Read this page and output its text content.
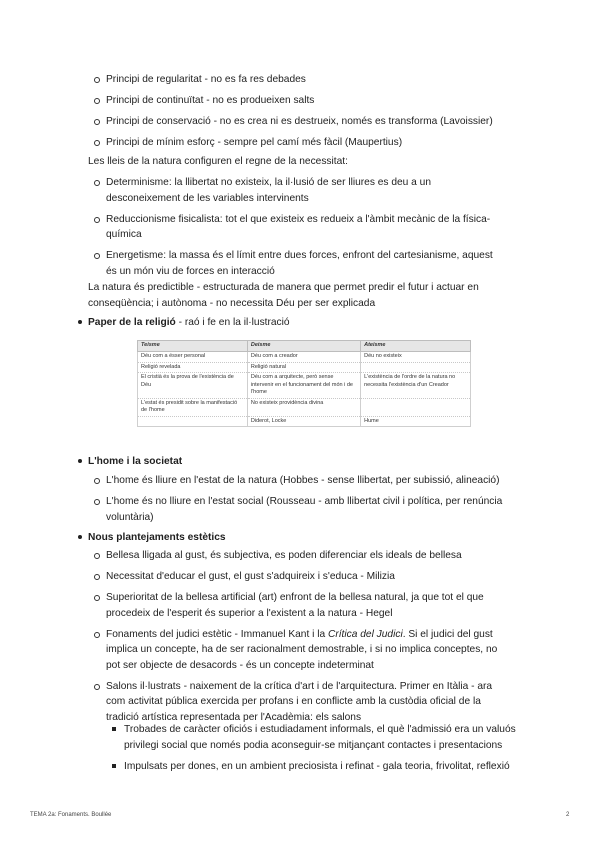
Principi de regularitat - no es fa res debades
Principi de continuïtat - no es produeixen salts
Principi de conservació - no es crea ni es destrueix, només es transforma (Lavoissier)
Principi de mínim esforç - sempre pel camí més fàcil (Maupertius)
Les lleis de la natura configuren el regne de la necessitat:
Determinisme: la llibertat no existeix, la il·lusió de ser lliures es deu a un desconeixement de les variables intervinents
Reduccionisme fisicalista: tot el que existeix es redueix a l'àmbit mecànic de la física-química
Energetisme: la massa és el límit entre dues forces, enfront del cartesianisme, aquest és un món viu de forces en interacció
La natura és predictible - estructurada de manera que permet predir el futur i actuar en conseqüència; i autònoma - no necessita Déu per ser explicada
Paper de la religió - raó i fe en la il·lustració
Teisme	Deisme	Ateisme
Déu com a ésser personal	Déu com a creador	Déu no existeix
Religió revelada	Religió natural	
El cristià és la prova de l'existència de Déu	Déu com a arquitecte, però sense intervenir en el funcionament del món i de l'home	L'existència de l'ordre de la natura no necessita l'existència d'un Creador
L'estat és presidit sobre la manifestació de l'home	No existeix providència divina	
	Diderot, Locke	Hume
L'home i la societat
L'home és lliure en l'estat de la natura (Hobbes - sense llibertat, per subissió, alineació)
L'home és no lliure en l'estat social (Rousseau - amb llibertat civil i política, per renúncia voluntària)
Nous plantejaments estètics
Bellesa lligada al gust, és subjectiva, es poden diferenciar els ideals de bellesa
Necessitat d'educar el gust, el gust s'adquireix i s'educa - Milizia
Superioritat de la bellesa artificial (art) enfront de la bellesa natural, ja que tot el que procedeix de l'esperit és superior a l'existent a la natura - Hegel
Fonaments del judici estètic - Immanuel Kant i la Crítica del Judici. Si el judici del gust implica un concepte, ha de ser racionalment demostrable, i si no implica conceptes, no pot ser objecte de desacords - és un concepte indeterminat
Salons il·lustrats - naixement de la crítica d'art i de l'arquitectura. Primer en Itàlia - ara com activitat pública exercida per profans i en conflicte amb la custòdia oficial de la tradició artística representada per l'Acadèmia: els salons
Trobades de caràcter oficiós i estudiadament informals, el què l'admissió era un valuós privilegi social que només podia aconseguir-se mitjançant contactes i presentacions
Impulsats per dones, en un ambient preciosista i refinat - gala teoria, frivolitat, reflexió
TEMA 2a: Fonaments. Boullée	2
